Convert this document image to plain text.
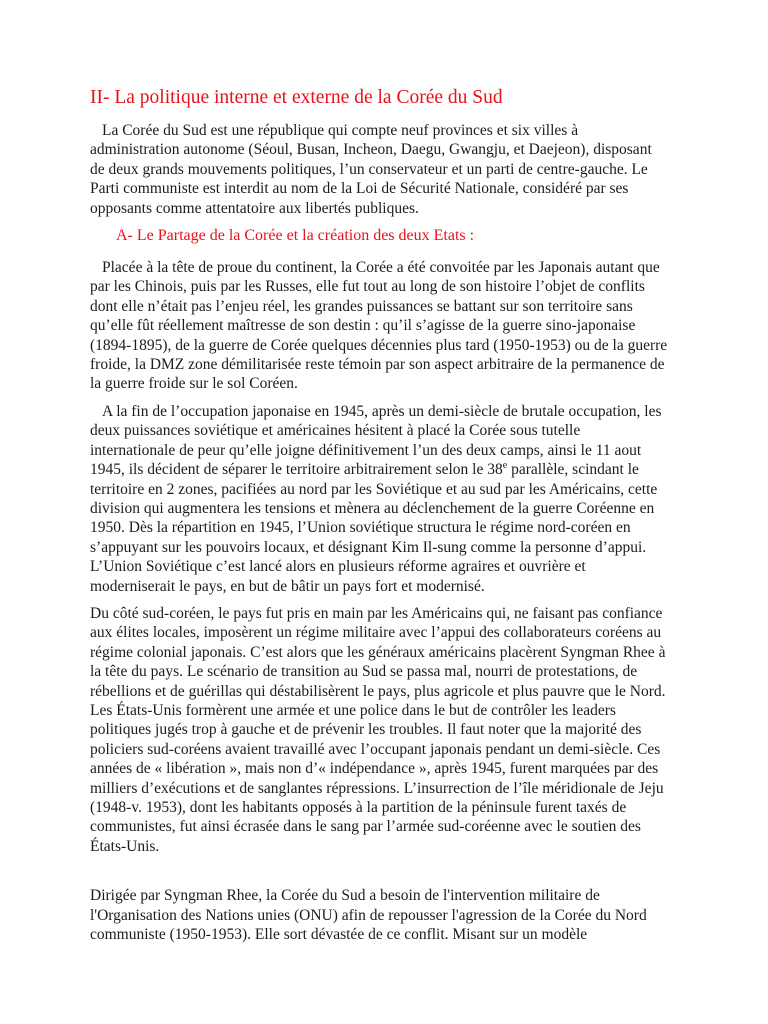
II- La politique interne et externe de la Corée du Sud

La Corée du Sud est une république qui compte neuf provinces et six villes à administration autonome (Séoul, Busan, Incheon, Daegu, Gwangju, et Daejeon), disposant de deux grands mouvements politiques, l’un conservateur et un parti de centre-gauche. Le Parti communiste est interdit au nom de la Loi de Sécurité Nationale, considéré par ses opposants comme attentatoire aux libertés publiques.

A- Le Partage de la Corée et la création des deux Etats :

Placée à la tête de proue du continent, la Corée a été convoitée par les Japonais autant que par les Chinois, puis par les Russes, elle fut tout au long de son histoire l’objet de conflits dont elle n’était pas l’enjeu réel, les grandes puissances se battant sur son territoire sans qu’elle fût réellement maîtresse de son destin : qu’il s’agisse de la guerre sino-japonaise (1894-1895), de la guerre de Corée quelques décennies plus tard (1950-1953) ou de la guerre froide, la DMZ zone démilitarisée reste témoin par son aspect arbitraire de la permanence de la guerre froide sur le sol Coréen.

A la fin de l’occupation japonaise en 1945, après un demi-siècle de brutale occupation, les deux puissances soviétique et américaines hésitent à placé la Corée sous tutelle internationale de peur qu’elle joigne définitivement l’un des deux camps, ainsi le 11 aout 1945, ils décident de séparer le territoire arbitrairement selon le 38e parallèle, scindant le territoire en 2 zones, pacifiées au nord par les Soviétique et au sud par les Américains, cette division qui augmentera les tensions et mènera au déclenchement de la guerre Coréenne en 1950. Dès la répartition en 1945, l’Union soviétique structura le régime nord-coréen en s’appuyant sur les pouvoirs locaux, et désignant Kim Il-sung comme la personne d’appui. L’Union Soviétique c’est lancé alors en plusieurs réforme agraires et ouvrière et moderniserait le pays, en but de bâtir un pays fort et modernisé.

Du côté sud-coréen, le pays fut pris en main par les Américains qui, ne faisant pas confiance aux élites locales, imposèrent un régime militaire avec l’appui des collaborateurs coréens au régime colonial japonais. C’est alors que les généraux américains placèrent Syngman Rhee à la tête du pays. Le scénario de transition au Sud se passa mal, nourri de protestations, de rébellions et de guérillas qui déstabilisèrent le pays, plus agricole et plus pauvre que le Nord. Les États-Unis formèrent une armée et une police dans le but de contrôler les leaders politiques jugés trop à gauche et de prévenir les troubles. Il faut noter que la majorité des policiers sud-coréens avaient travaillé avec l’occupant japonais pendant un demi-siècle. Ces années de « libération », mais non d’« indépendance », après 1945, furent marquées par des milliers d’exécutions et de sanglantes répressions. L’insurrection de l’île méridionale de Jeju (1948-v. 1953), dont les habitants opposés à la partition de la péninsule furent taxés de communistes, fut ainsi écrasée dans le sang par l’armée sud-coréenne avec le soutien des États-Unis.

Dirigée par Syngman Rhee, la Corée du Sud a besoin de l'intervention militaire de l'Organisation des Nations unies (ONU) afin de repousser l'agression de la Corée du Nord communiste (1950-1953). Elle sort dévastée de ce conflit. Misant sur un modèle
